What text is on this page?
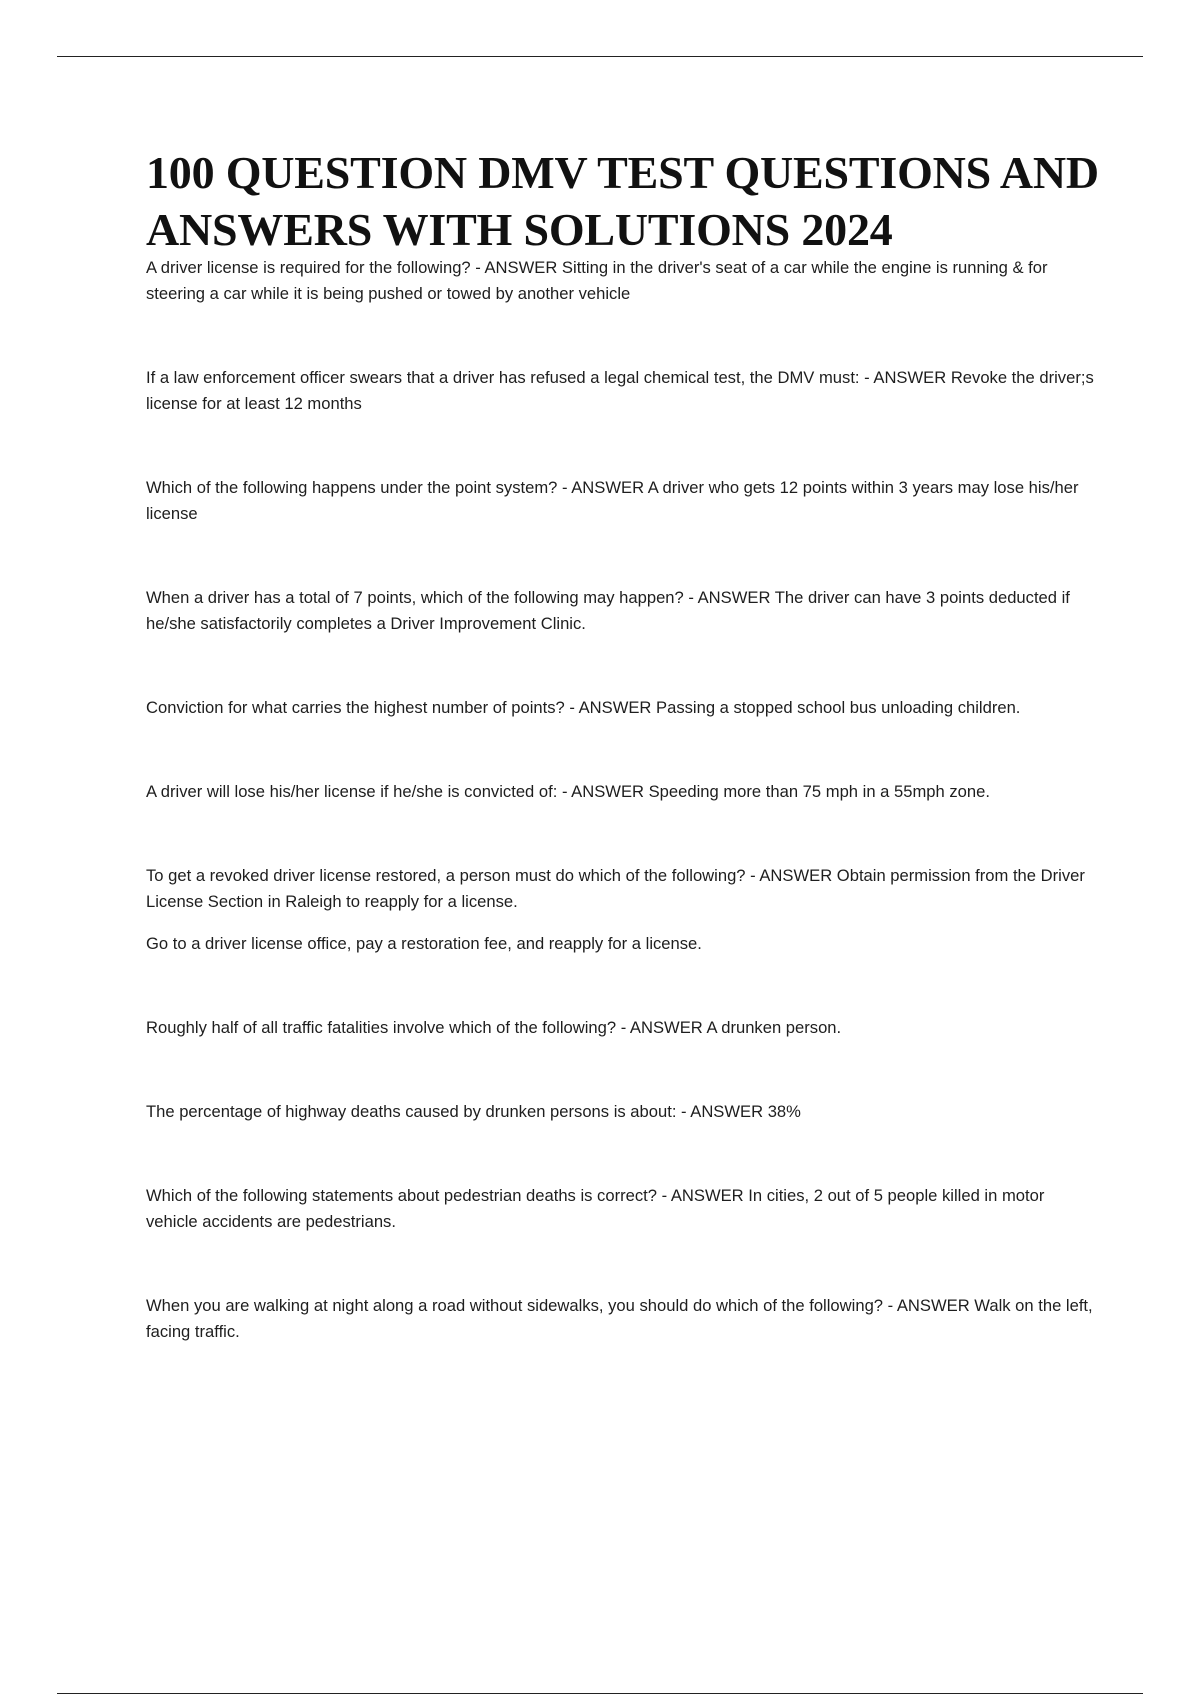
100 QUESTION DMV TEST QUESTIONS AND ANSWERS WITH SOLUTIONS 2024

A driver license is required for the following? - ANSWER Sitting in the driver's seat of a car while the engine is running & for steering a car while it is being pushed or towed by another vehicle

If a law enforcement officer swears that a driver has refused a legal chemical test, the DMV must: - ANSWER Revoke the driver;s license for at least 12 months

Which of the following happens under the point system? - ANSWER A driver who gets 12 points within 3 years may lose his/her license

When a driver has a total of 7 points, which of the following may happen? - ANSWER The driver can have 3 points deducted if he/she satisfactorily completes a Driver Improvement Clinic.

Conviction for what carries the highest number of points? - ANSWER Passing a stopped school bus unloading children.

A driver will lose his/her license if he/she is convicted of: - ANSWER Speeding more than 75 mph in a 55mph zone.

To get a revoked driver license restored, a person must do which of the following? - ANSWER Obtain permission from the Driver License Section in Raleigh to reapply for a license.

Go to a driver license office, pay a restoration fee, and reapply for a license.

Roughly half of all traffic fatalities involve which of the following? - ANSWER A drunken person.

The percentage of highway deaths caused by drunken persons is about: - ANSWER 38%

Which of the following statements about pedestrian deaths is correct? - ANSWER In cities, 2 out of 5 people killed in motor vehicle accidents are pedestrians.

When you are walking at night along a road without sidewalks, you should do which of the following? - ANSWER Walk on the left, facing traffic.
